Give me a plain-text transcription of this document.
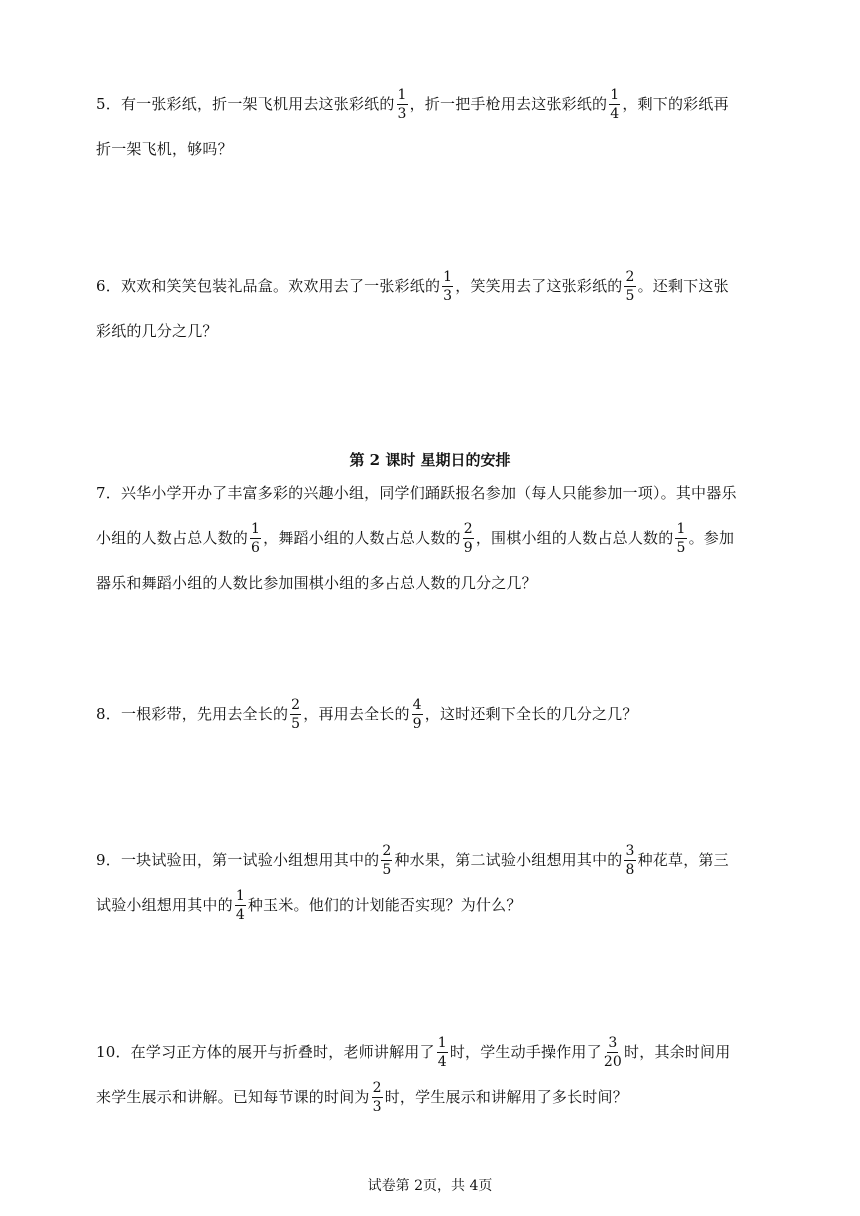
5．有一张彩纸，折一架飞机用去这张彩纸的 $\frac{1}{3}$ ，折一把手枪用去这张彩纸的 $\frac{1}{4}$ ，剩下的彩纸再
折一架飞机，够吗？
6．欢欢和笑笑包装礼品盒。欢欢用去了一张彩纸的 $\frac{1}{3}$ ，笑笑用去了这张彩纸的 $\frac{2}{5}$ 。还剩下这张
彩纸的几分之几？
第 2 课时 星期日的安排
7．兴华小学开办了丰富多彩的兴趣小组，同学们踊跃报名参加（每人只能参加一项）。其中器乐
小组的人数占总人数的 $\frac{1}{6}$ ，舞蹈小组的人数占总人数的 $\frac{2}{9}$ ，围棋小组的人数占总人数的 $\frac{1}{5}$ 。参加
器乐和舞蹈小组的人数比参加围棋小组的多占总人数的几分之几？
8．一根彩带，先用去全长的 $\frac{2}{5}$ ，再用去全长的 $\frac{4}{9}$ ，这时还剩下全长的几分之几？
9．一块试验田，第一试验小组想用其中的 $\frac{2}{5}$ 种水果，第二试验小组想用其中的 $\frac{3}{8}$ 种花草，第三
试验小组想用其中的 $\frac{1}{4}$ 种玉米。他们的计划能否实现？为什么？
10．在学习正方体的展开与折叠时，老师讲解用了 $\frac{1}{4}$ 时，学生动手操作用了 $\frac{3}{20}$ 时，其余时间用
来学生展示和讲解。已知每节课的时间为 $\frac{2}{3}$ 时，学生展示和讲解用了多长时间？
试卷第 2页，共 4页
